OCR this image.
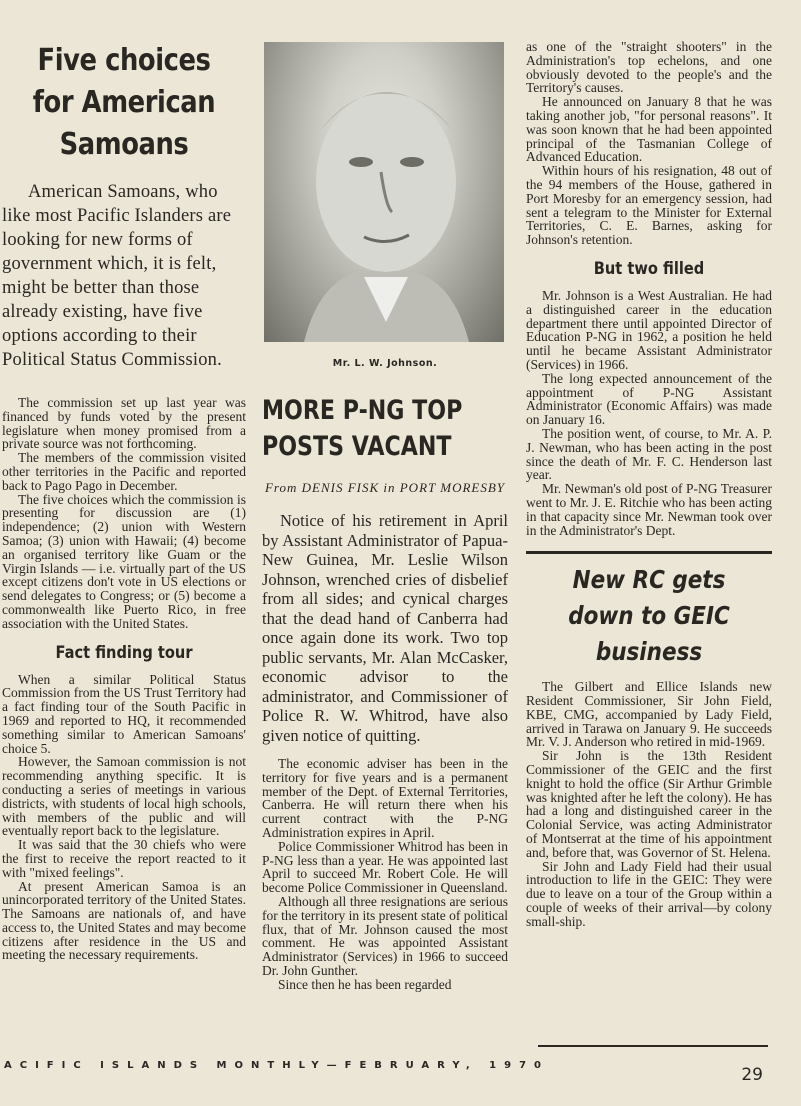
Five choices for American Samoans
American Samoans, who like most Pacific Islanders are looking for new forms of government which, it is felt, might be better than those already existing, have five options according to their Political Status Commission.

The commission set up last year was financed by funds voted by the present legislature when money promised from a private source was not forthcoming.

The members of the commission visited other territories in the Pacific and reported back to Pago Pago in December.

The five choices which the commission is presenting for discussion are (1) independence; (2) union with Western Samoa; (3) union with Hawaii; (4) become an organised territory like Guam or the Virgin Islands — i.e. virtually part of the US except citizens don't vote in US elections or send delegates to Congress; or (5) become a commonwealth like Puerto Rico, in free association with the United States.

Fact finding tour

When a similar Political Status Commission from the US Trust Territory had a fact finding tour of the South Pacific in 1969 and reported to HQ, it recommended something similar to American Samoans' choice 5.

However, the Samoan commission is not recommending anything specific. It is conducting a series of meetings in various districts, with students of local high schools, with members of the public and will eventually report back to the legislature.

It was said that the 30 chiefs who were the first to receive the report reacted to it with "mixed feelings".

At present American Samoa is an unincorporated territory of the United States. The Samoans are nationals of, and have access to, the United States and may become citizens after residence in the US and meeting the necessary requirements.

Mr. L. W. Johnson.
MORE P-NG TOP POSTS VACANT
From DENIS FISK in PORT MORESBY
Notice of his retirement in April by Assistant Administrator of Papua-New Guinea, Mr. Leslie Wilson Johnson, wrenched cries of disbelief from all sides; and cynical charges that the dead hand of Canberra had once again done its work. Two top public servants, Mr. Alan McCasker, economic advisor to the administrator, and Commissioner of Police R. W. Whitrod, have also given notice of quitting.

The economic adviser has been in the territory for five years and is a permanent member of the Dept. of External Territories, Canberra. He will return there when his current contract with the P-NG Administration expires in April.

Police Commissioner Whitrod has been in P-NG less than a year. He was appointed last April to succeed Mr. Robert Cole. He will become Police Commissioner in Queensland.

Although all three resignations are serious for the territory in its present state of political flux, that of Mr. Johnson caused the most comment. He was appointed Assistant Administrator (Services) in 1966 to succeed Dr. John Gunther.

Since then he has been regarded

as one of the "straight shooters" in the Administration's top echelons, and one obviously devoted to the people's and the Territory's causes.

He announced on January 8 that he was taking another job, "for personal reasons". It was soon known that he had been appointed principal of the Tasmanian College of Advanced Education.

Within hours of his resignation, 48 out of the 94 members of the House, gathered in Port Moresby for an emergency session, had sent a telegram to the Minister for External Territories, C. E. Barnes, asking for Johnson's retention.

But two filled

Mr. Johnson is a West Australian. He had a distinguished career in the education department there until appointed Director of Education P-NG in 1962, a position he held until he became Assistant Administrator (Services) in 1966.

The long expected announcement of the appointment of P-NG Assistant Administrator (Economic Affairs) was made on January 16.

The position went, of course, to Mr. A. P. J. Newman, who has been acting in the post since the death of Mr. F. C. Henderson last year.

Mr. Newman's old post of P-NG Treasurer went to Mr. J. E. Ritchie who has been acting in that capacity since Mr. Newman took over in the Administrator's Dept.

New RC gets down to GEIC business

The Gilbert and Ellice Islands new Resident Commissioner, Sir John Field, KBE, CMG, accompanied by Lady Field, arrived in Tarawa on January 9. He succeeds Mr. V. J. Anderson who retired in mid-1969.

Sir John is the 13th Resident Commissioner of the GEIC and the first knight to hold the office (Sir Arthur Grimble was knighted after he left the colony). He has had a long and distinguished career in the Colonial Service, was acting Administrator of Montserrat at the time of his appointment and, before that, was Governor of St. Helena.

Sir John and Lady Field had their usual introduction to life in the GEIC: They were due to leave on a tour of the Group within a couple of weeks of their arrival—by colony small-ship.

ACIFIC ISLANDS MONTHLY—FEBRUARY, 1970	29
